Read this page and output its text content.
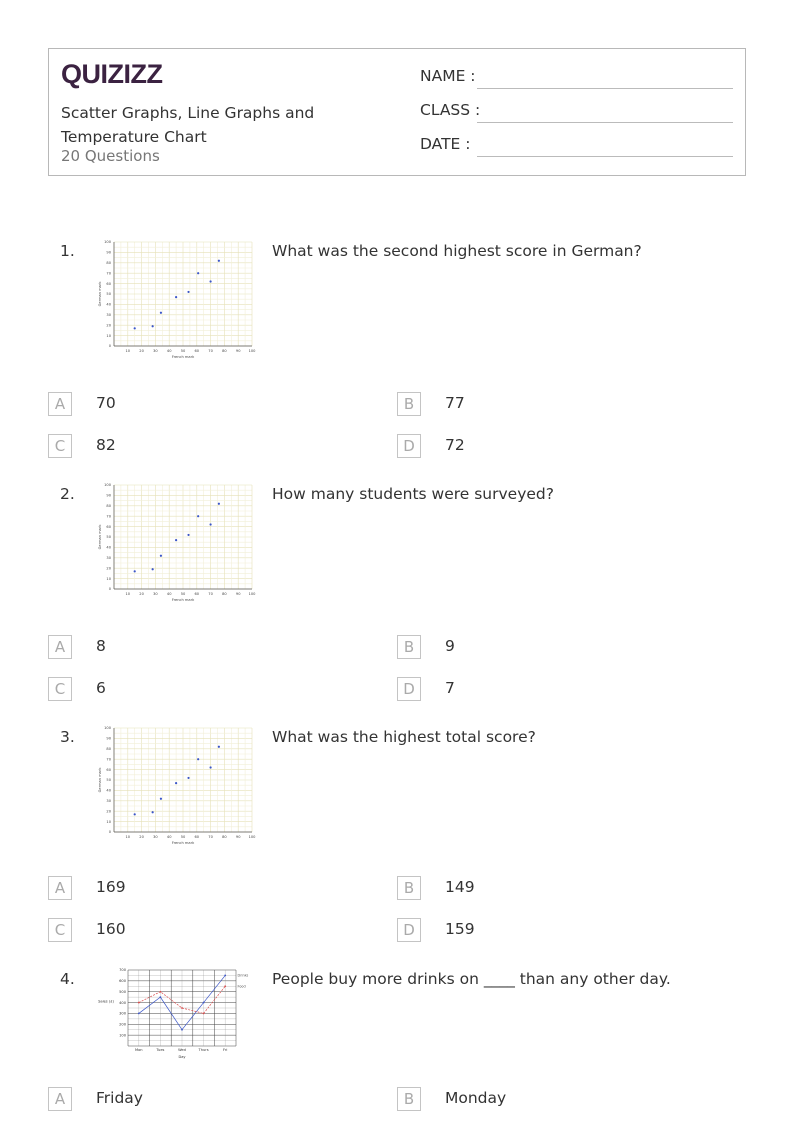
QUIZIZZ
Scatter Graphs, Line Graphs and Temperature Chart
20 Questions
NAME :
CLASS :
DATE :
1.
10	20	30	40	50	60	70	80	90 100
0
10
20
30
40
50
60
70
80
90
100
French mark
German mark
What was the second highest score in German?
A	70	B	77
C	82	D	72
2.
10	20	30	40	50	60	70	80	90 100
0
10
20
30
40
50
60
70
80
90
100
French mark
German mark
How many students were surveyed?
A	8	B	9
C	6	D	7
3.
10	20	30	40	50	60	70	80	90 100
0
10
20
30
40
50
60
70
80
90
100
French mark
German mark
What was the highest total score?
A	169	B	149
C	160	D	159
4.
100
200
300
400
500
600
700
Mon	Tues	Wed	Thurs	Fri
Day
Sales (£)
Drinks
Food People buy more drinks on ____ than any other day.
A	Friday	B	Monday
